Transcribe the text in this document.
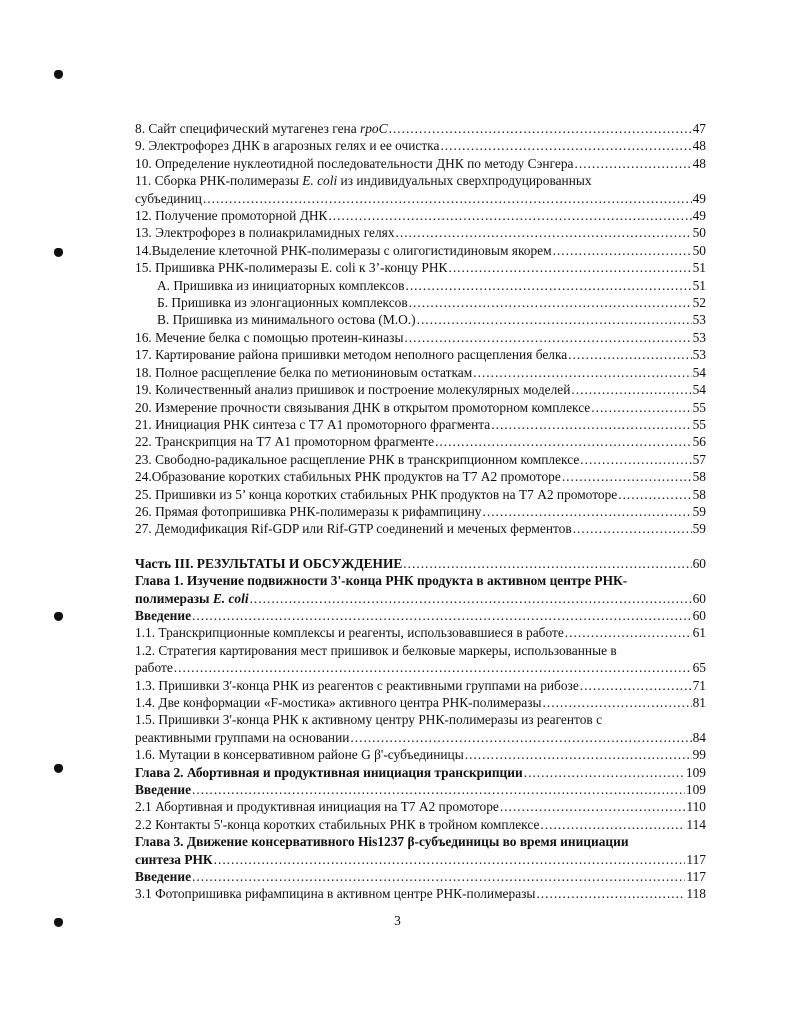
8. Сайт специфический мутагенез гена rpoC .....	47
9. Электрофорез ДНК в агарозных гелях и ее очистка .....	48
10. Определение нуклеотидной последовательности ДНК по методу Сэнгера .....	48
11. Сборка РНК-полимеразы E. coli из индивидуальных сверхпродуцированных
субъединиц .....	49
12. Получение промоторной ДНК .....	49
13. Электрофорез в полиакриламидных гелях .....	50
14.Выделение клеточной РНК-полимеразы с олигогистидиновым якорем .....	50
15. Пришивка РНК-полимеразы E. coli к 3’-концу РНК .....	51
А. Пришивка из инициаторных комплексов .....	51
Б. Пришивка из элонгационных комплексов .....	52
В. Пришивка из минимального остова (М.О.) .....	53
16. Мечение белка с помощью протеин-киназы .....	53
17. Картирование района пришивки методом неполного расщепления белка .....	53
18. Полное расщепление белка по метиониновым остаткам .....	54
19. Количественный анализ пришивок и построение молекулярных моделей .....	54
20. Измерение прочности связывания ДНК в открытом промоторном комплексе .....	55
21. Инициация РНК синтеза с Т7 А1 промоторного фрагмента .....	55
22. Транскрипция на Т7 А1 промоторном фрагменте .....	56
23. Свободно-радикальное расщепление РНК в транскрипционном комплексе .....	57
24.Образование коротких стабильных РНК продуктов на Т7 А2 промоторе .....	58
25. Пришивки из 5’ конца коротких стабильных РНК продуктов на Т7 А2 промоторе .....	58
26. Прямая фотопришивка РНК-полимеразы к рифампицину .....	59
27. Демодификация Rif-GDP или Rif-GTP соединений и меченых ферментов .....	59
Часть III. РЕЗУЛЬТАТЫ И ОБСУЖДЕНИЕ .....	60
Глава 1. Изучение подвижности 3'-конца РНК продукта в активном центре РНК-
полимеразы E. coli .....	60
Введение .....	60
1.1. Транскрипционные комплексы и реагенты, использовавшиеся в работе .....	61
1.2. Стратегия картирования мест пришивок и белковые маркеры, использованные в
работе .....	65
1.3. Пришивки 3'-конца РНК из реагентов с реактивными группами на рибозе .....	71
1.4. Две конформации «F-мостика» активного центра РНК-полимеразы .....	81
1.5. Пришивки 3'-конца РНК к активному центру РНК-полимеразы из реагентов с
реактивными группами на основании .....	84
1.6. Мутации в консервативном районе G β'-субъединицы .....	99
Глава 2. Абортивная и продуктивная инициация транскрипции .....	109
Введение .....	109
2.1 Абортивная и продуктивная инициация на Т7 А2 промоторе .....	110
2.2 Контакты 5'-конца коротких стабильных РНК в тройном комплексе .....	114
Глава 3. Движение консервативного His1237 β-субъединицы во время инициации
синтеза РНК .....	117
Введение .....	117
3.1 Фотопришивка рифампицина в активном центре РНК-полимеразы .....	118
3
